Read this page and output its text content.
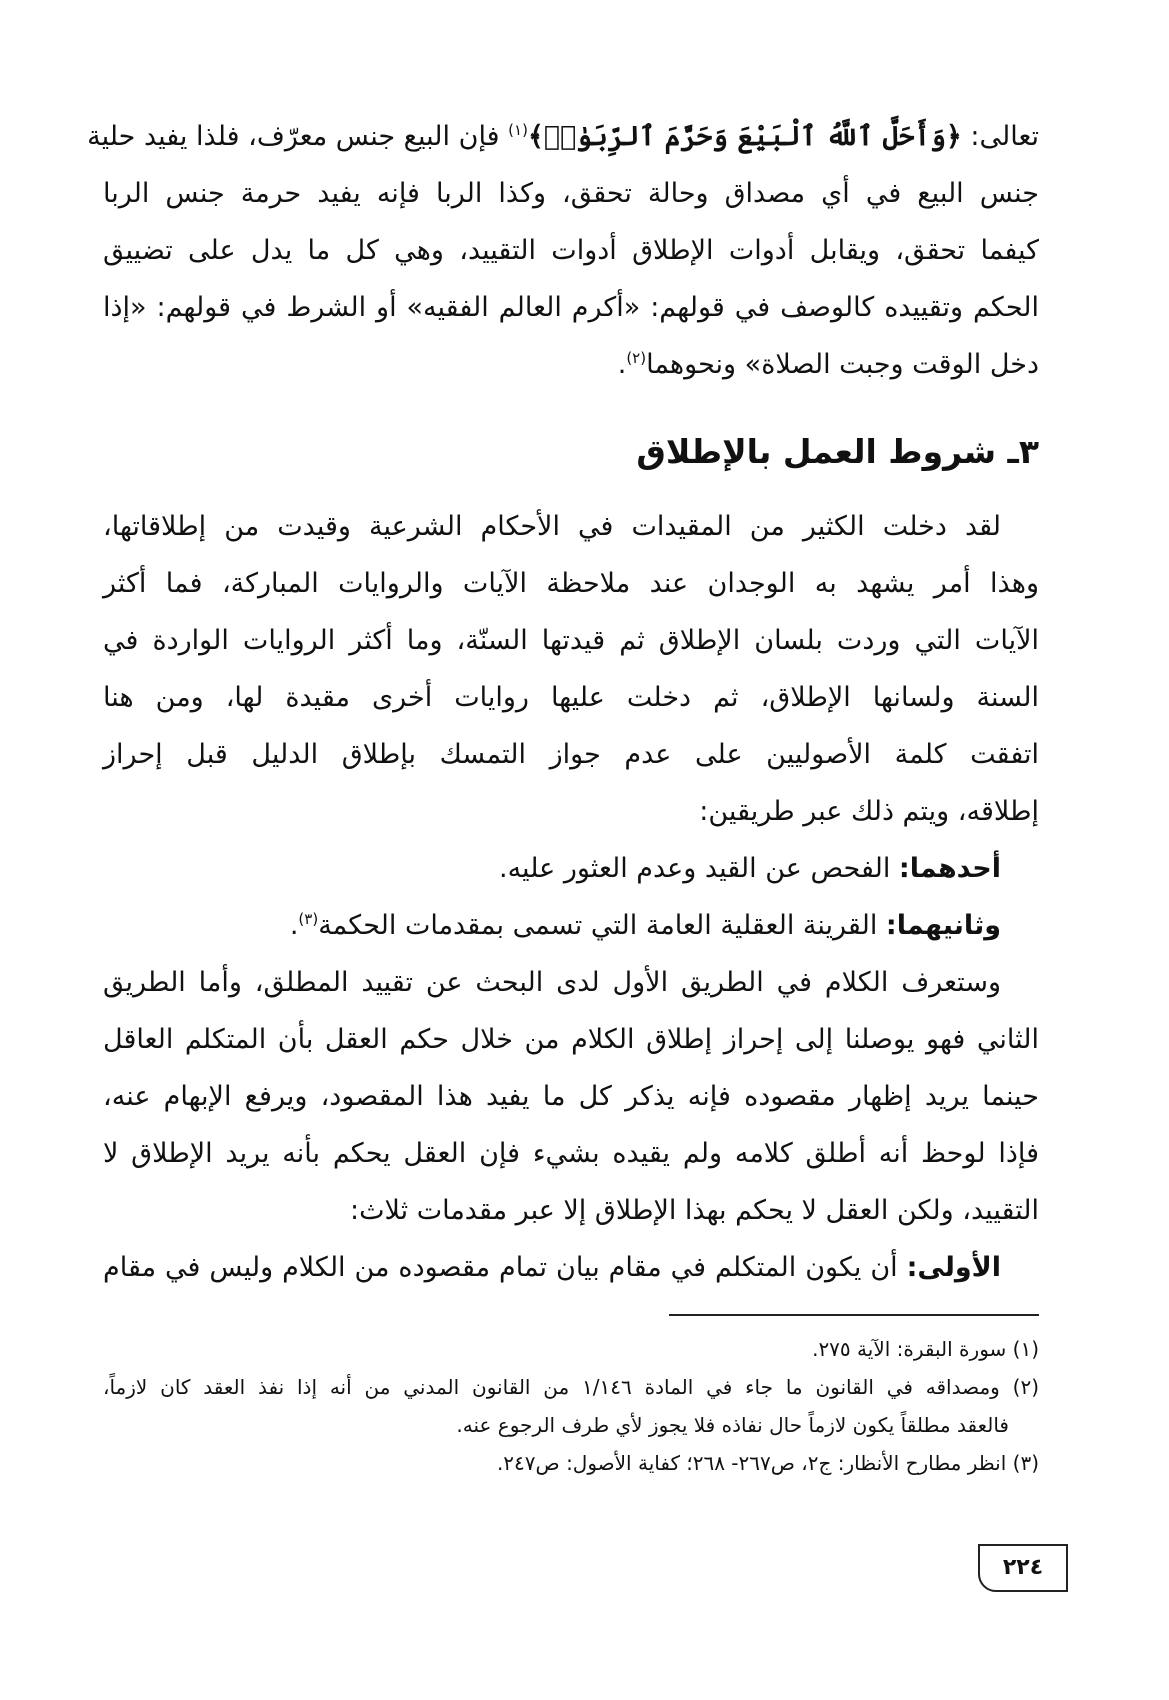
تعالى: ﴿وَأَحَلَّ ٱللَّهُ ٱلْبَيْعَ وَحَرَّمَ ٱلرِّبَوٰا۟﴾$^{(١)}$ فإن البيع جنس معرّف، فلذا يفيد حلية
جنس البيع في أي مصداق وحالة تحقق، وكذا الربا فإنه يفيد حرمة جنس الربا
كيفما تحقق، ويقابل أدوات الإطلاق أدوات التقييد، وهي كل ما يدل على تضييق
الحكم وتقييده كالوصف في قولهم: «أكرم العالم الفقيه» أو الشرط في قولهم: «إذا
دخل الوقت وجبت الصلاة» ونحوهما$^{(٢)}$.
٣ـ شروط العمل بالإطلاق
لقد دخلت الكثير من المقيدات في الأحكام الشرعية وقيدت من إطلاقاتها،
وهذا أمر يشهد به الوجدان عند ملاحظة الآيات والروايات المباركة، فما أكثر
الآيات التي وردت بلسان الإطلاق ثم قيدتها السنّة، وما أكثر الروايات الواردة في
السنة ولسانها الإطلاق، ثم دخلت عليها روايات أخرى مقيدة لها، ومن هنا
اتفقت كلمة الأصوليين على عدم جواز التمسك بإطلاق الدليل قبل إحراز
إطلاقه، ويتم ذلك عبر طريقين:
أحدهما: الفحص عن القيد وعدم العثور عليه.
وثانيهما: القرينة العقلية العامة التي تسمى بمقدمات الحكمة$^{(٣)}$.
وستعرف الكلام في الطريق الأول لدى البحث عن تقييد المطلق، وأما الطريق
الثاني فهو يوصلنا إلى إحراز إطلاق الكلام من خلال حكم العقل بأن المتكلم العاقل
حينما يريد إظهار مقصوده فإنه يذكر كل ما يفيد هذا المقصود، ويرفع الإبهام عنه،
فإذا لوحظ أنه أطلق كلامه ولم يقيده بشيء فإن العقل يحكم بأنه يريد الإطلاق لا
التقييد، ولكن العقل لا يحكم بهذا الإطلاق إلا عبر مقدمات ثلاث:
الأولى: أن يكون المتكلم في مقام بيان تمام مقصوده من الكلام وليس في مقام
(١) سورة البقرة: الآية ٢٧٥.
(٢) ومصداقه في القانون ما جاء في المادة ١/١٤٦ من القانون المدني من أنه إذا نفذ العقد كان لازماً،
فالعقد مطلقاً يكون لازماً حال نفاذه فلا يجوز لأي طرف الرجوع عنه.
(٣) انظر مطارح الأنظار: ج٢، ص٢٦٧- ٢٦٨؛ كفاية الأصول: ص٢٤٧.
٢٢٤
